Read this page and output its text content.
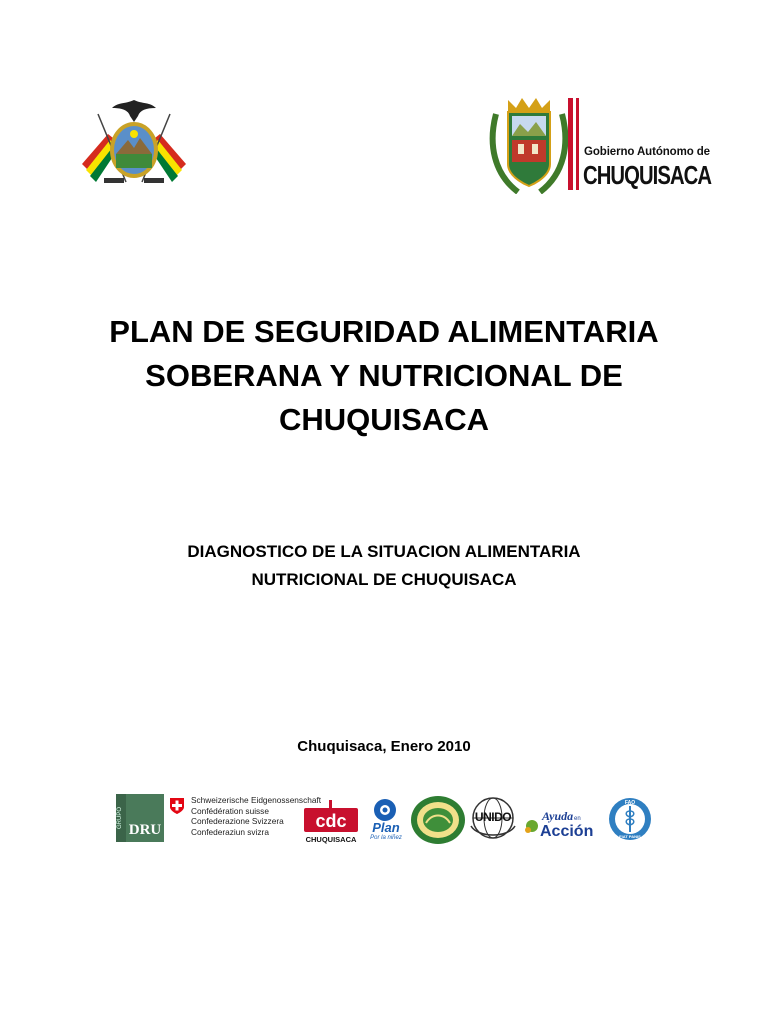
Gobierno Autónomo de
CHUQUISACA
PLAN DE SEGURIDAD ALIMENTARIA
SOBERANA Y NUTRICIONAL DE
CHUQUISACA
DIAGNOSTICO DE LA SITUACION ALIMENTARIA
NUTRICIONAL DE CHUQUISACA
Chuquisaca, Enero 2010
GRUPO
DRU
Schweizerische Eidgenossenschaft
Confédération suisse
Confederazione Svizzera
Confederaziun svizra
cdc
CHUQUISACA
Plan
Por la niñez
UNIDO	Ayuda en
Acción
FAO
FIAT PANIS
